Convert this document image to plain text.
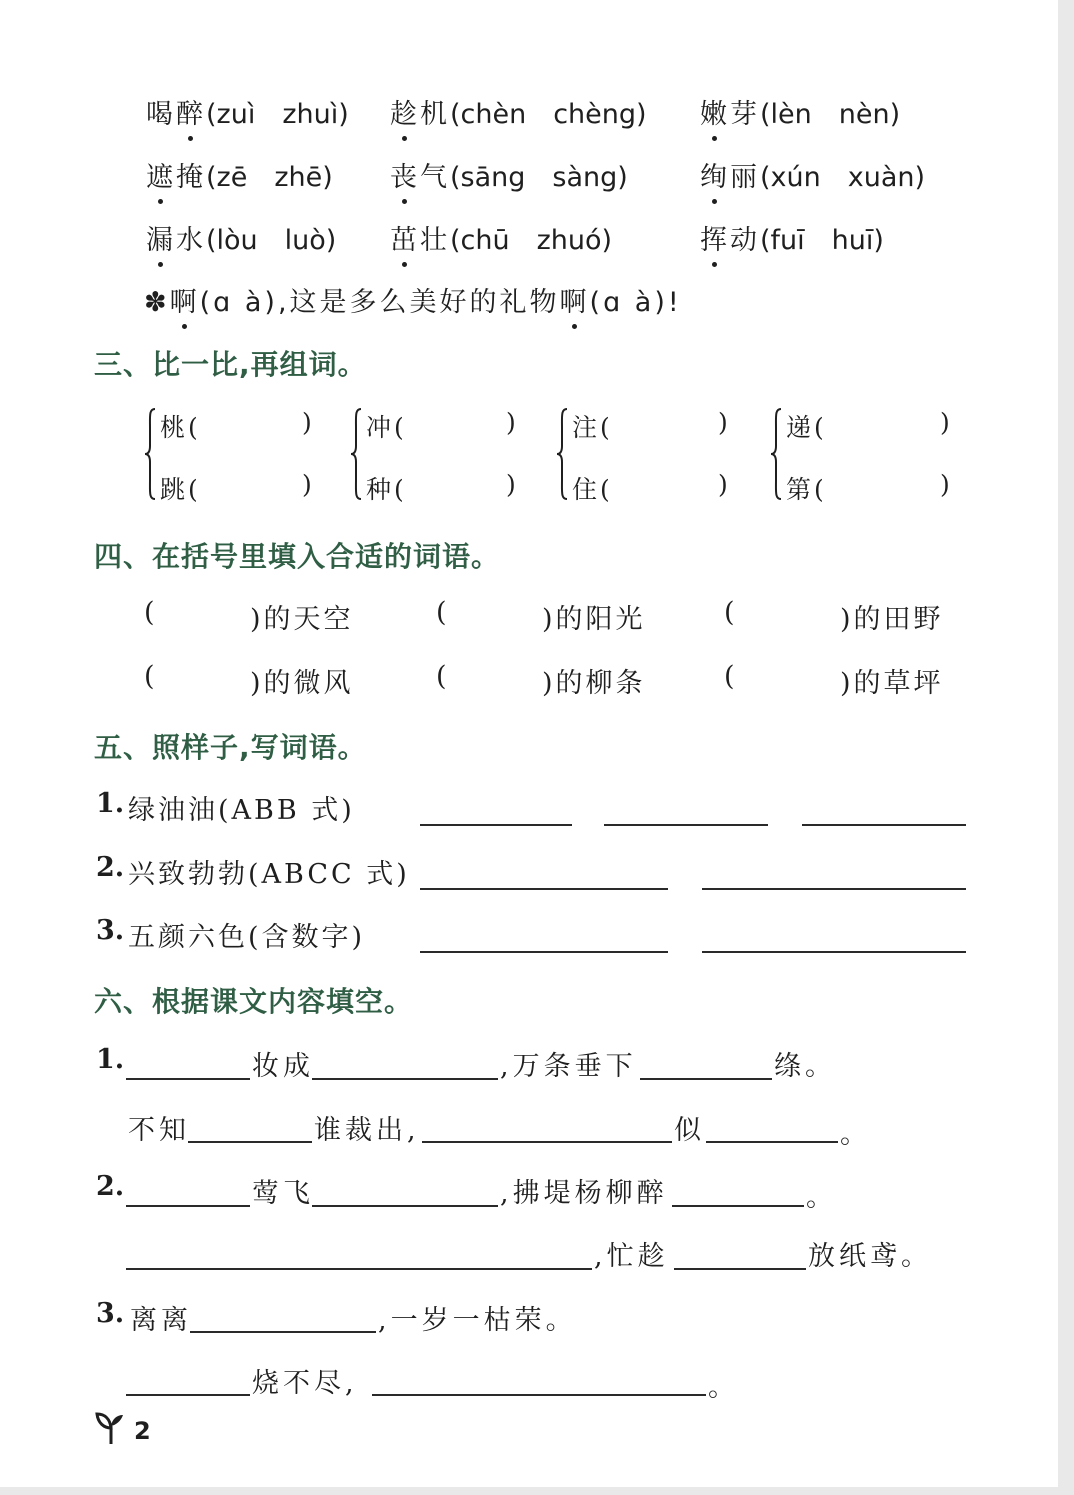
喝醉(zuì zhuì) 趁机(chèn chèng) 嫩芽(lèn nèn)
遮掩(zē zhē) 丧气(sāng sàng)	绚丽(xún xuàn)
漏水(lòu luò) 茁壮(chū zhuó)	挥动(fuī huī)
✽啊(ɑ à),这是多么美好的礼物啊(ɑ à)!
三、比一比,再组词。
桃(	)
跳(	)
冲(	)
种(	)
注(	)
住(	)
递(	)
第(	)
四、在括号里填入合适的词语。
(	)的天空	(	)的阳光	(	)的田野
(	)的微风	(	)的柳条	(	)的草坪
五、照样子,写词语。
1. 绿油油(ABB 式)
2. 兴致勃勃(ABCC 式)
3. 五颜六色(含数字)
六、根据课文内容填空。
1.	妆成	,万条垂下	绦。
不知	谁裁出,	似	。
2.	莺飞	,拂堤杨柳醉	。
,忙趁	放纸鸢。
3. 离离	,一岁一枯荣。
烧不尽,	。
2
